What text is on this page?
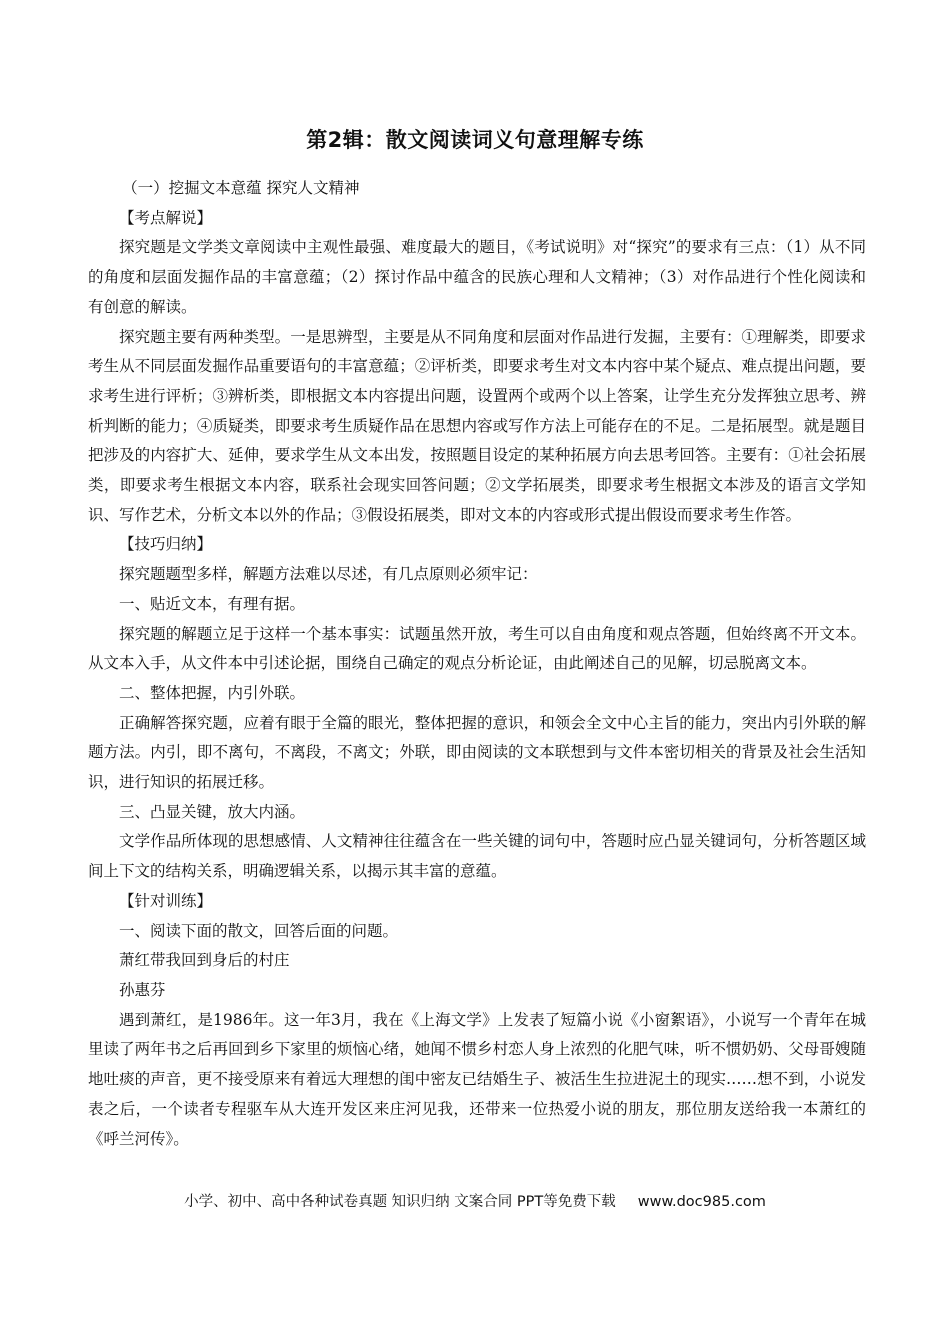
第2辑：散文阅读词义句意理解专练

（一）挖掘文本意蕴 探究人文精神

【考点解说】

探究题是文学类文章阅读中主观性最强、难度最大的题目，《考试说明》对“探究”的要求有三点：（1）从不同的角度和层面发掘作品的丰富意蕴；（2）探讨作品中蕴含的民族心理和人文精神；（3）对作品进行个性化阅读和有创意的解读。

探究题主要有两种类型。一是思辨型，主要是从不同角度和层面对作品进行发掘，主要有：①理解类，即要求考生从不同层面发掘作品重要语句的丰富意蕴；②评析类，即要求考生对文本内容中某个疑点、难点提出问题，要求考生进行评析；③辨析类，即根据文本内容提出问题，设置两个或两个以上答案，让学生充分发挥独立思考、辨析判断的能力；④质疑类，即要求考生质疑作品在思想内容或写作方法上可能存在的不足。二是拓展型。就是题目把涉及的内容扩大、延伸，要求学生从文本出发，按照题目设定的某种拓展方向去思考回答。主要有：①社会拓展类，即要求考生根据文本内容，联系社会现实回答问题；②文学拓展类，即要求考生根据文本涉及的语言文学知识、写作艺术，分析文本以外的作品；③假设拓展类，即对文本的内容或形式提出假设而要求考生作答。

【技巧归纳】

探究题题型多样，解题方法难以尽述，有几点原则必须牢记：

一、贴近文本，有理有据。

探究题的解题立足于这样一个基本事实：试题虽然开放，考生可以自由角度和观点答题，但始终离不开文本。从文本入手，从文件本中引述论据，围绕自己确定的观点分析论证，由此阐述自己的见解，切忌脱离文本。

二、整体把握，内引外联。

正确解答探究题，应着有眼于全篇的眼光，整体把握的意识，和领会全文中心主旨的能力，突出内引外联的解题方法。内引，即不离句，不离段，不离文；外联，即由阅读的文本联想到与文件本密切相关的背景及社会生活知识，进行知识的拓展迁移。

三、凸显关键，放大内涵。

文学作品所体现的思想感情、人文精神往往蕴含在一些关键的词句中，答题时应凸显关键词句，分析答题区域间上下文的结构关系，明确逻辑关系，以揭示其丰富的意蕴。

【针对训练】

一、阅读下面的散文，回答后面的问题。

萧红带我回到身后的村庄

孙惠芬

遇到萧红，是1986年。这一年3月，我在《上海文学》上发表了短篇小说《小窗絮语》，小说写一个青年在城里读了两年书之后再回到乡下家里的烦恼心绪，她闻不惯乡村恋人身上浓烈的化肥气味，听不惯奶奶、父母哥嫂随地吐痰的声音，更不接受原来有着远大理想的闺中密友已结婚生子、被活生生拉进泥土的现实……想不到，小说发表之后，一个读者专程驱车从大连开发区来庄河见我，还带来一位热爱小说的朋友，那位朋友送给我一本萧红的《呼兰河传》。

小学、初中、高中各种试卷真题 知识归纳 文案合同 PPT等免费下载 www.doc985.com
